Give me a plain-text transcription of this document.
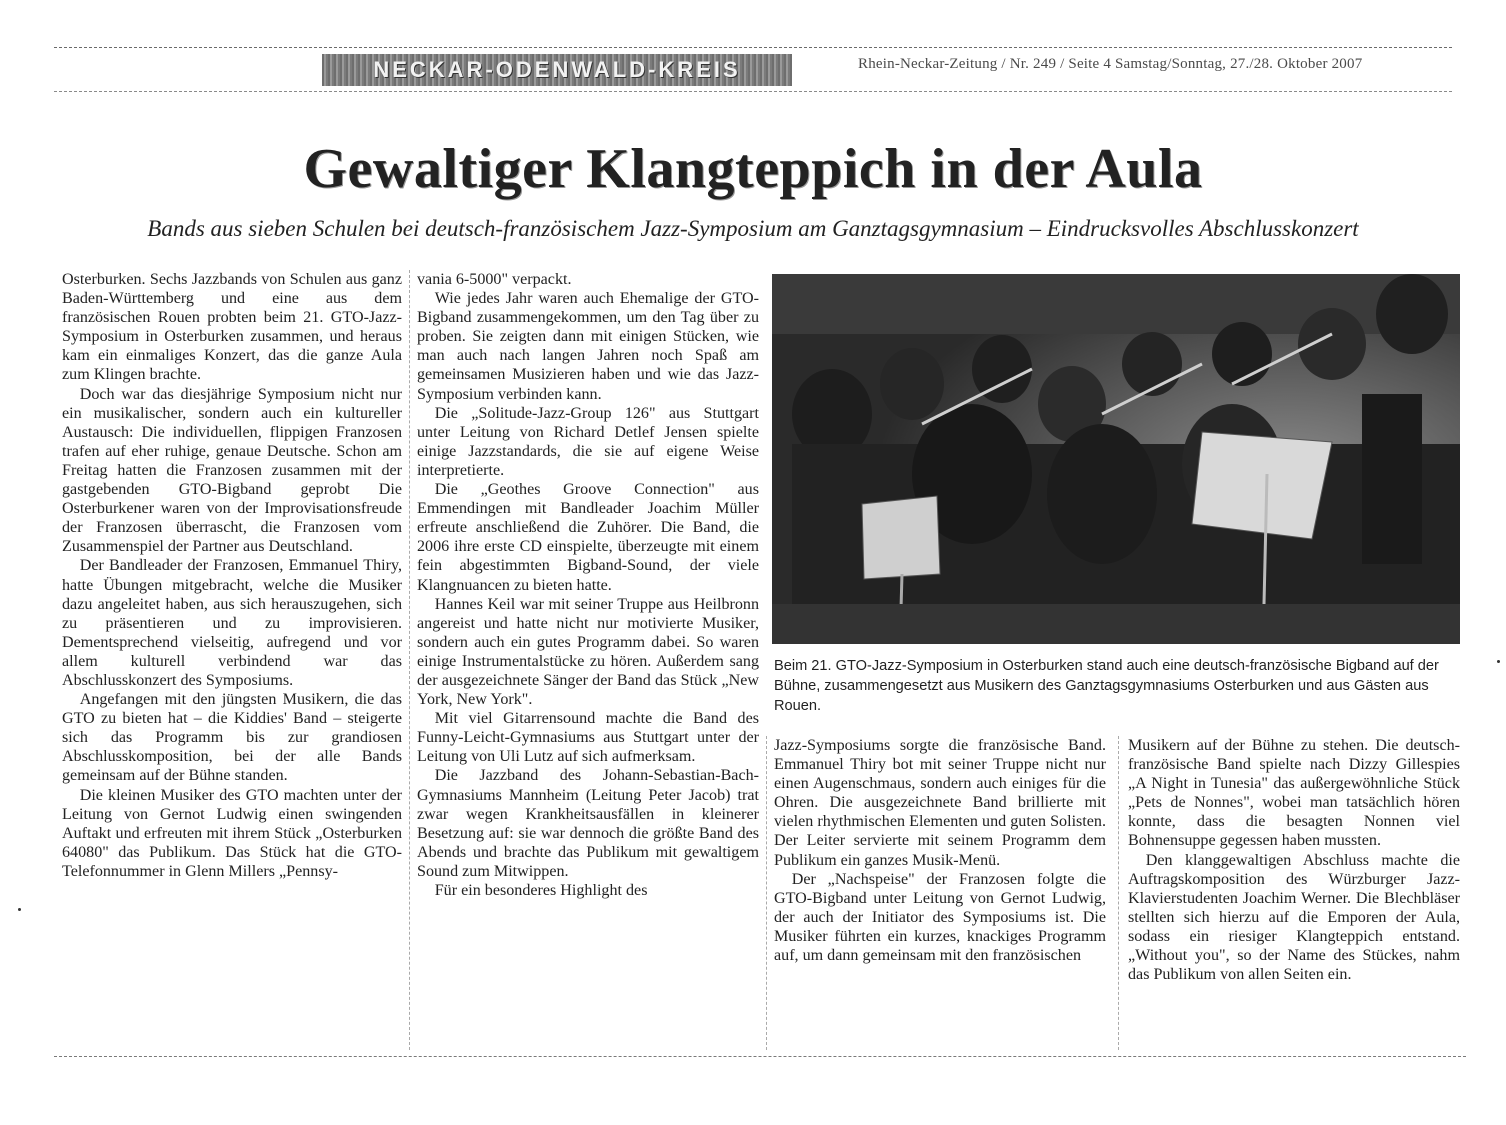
NECKAR-ODENWALD-KREIS	Rhein-Neckar-Zeitung / Nr. 249 / Seite 4 Samstag/Sonntag, 27./28. Oktober 2007
Gewaltiger Klangteppich in der Aula
Bands aus sieben Schulen bei deutsch-französischem Jazz-Symposium am Ganztagsgymnasium – Eindrucksvolles Abschlusskonzert

Osterburken. Sechs Jazzbands von Schulen aus ganz Baden-Württemberg und eine aus dem französischen Rouen probten beim 21. GTO-Jazz-Symposium in Osterburken zusammen, und heraus kam ein einmaliges Konzert, das die ganze Aula zum Klingen brachte.

Doch war das diesjährige Symposium nicht nur ein musikalischer, sondern auch ein kultureller Austausch: Die individuellen, flippigen Franzosen trafen auf eher ruhige, genaue Deutsche. Schon am Freitag hatten die Franzosen zusammen mit der gastgebenden GTO-Bigband geprobt Die Osterburkener waren von der Improvisationsfreude der Franzosen überrascht, die Franzosen vom Zusammenspiel der Partner aus Deutschland.

Der Bandleader der Franzosen, Emmanuel Thiry, hatte Übungen mitgebracht, welche die Musiker dazu angeleitet haben, aus sich herauszugehen, sich zu präsentieren und zu improvisieren. Dementsprechend vielseitig, aufregend und vor allem kulturell verbindend war das Abschlusskonzert des Symposiums.

Angefangen mit den jüngsten Musikern, die das GTO zu bieten hat – die Kiddies' Band – steigerte sich das Programm bis zur grandiosen Abschlusskomposition, bei der alle Bands gemeinsam auf der Bühne standen.

Die kleinen Musiker des GTO machten unter der Leitung von Gernot Ludwig einen swingenden Auftakt und erfreuten mit ihrem Stück „Osterburken 64080" das Publikum. Das Stück hat die GTO-Telefonnummer in Glenn Millers „Pennsy-

vania 6-5000" verpackt.

Wie jedes Jahr waren auch Ehemalige der GTO-Bigband zusammengekommen, um den Tag über zu proben. Sie zeigten dann mit einigen Stücken, wie man auch nach langen Jahren noch Spaß am gemeinsamen Musizieren haben und wie das Jazz-Symposium verbinden kann.

Die „Solitude-Jazz-Group 126" aus Stuttgart unter Leitung von Richard Detlef Jensen spielte einige Jazzstandards, die sie auf eigene Weise interpretierte.

Die „Geothes Groove Connection" aus Emmendingen mit Bandleader Joachim Müller erfreute anschließend die Zuhörer. Die Band, die 2006 ihre erste CD einspielte, überzeugte mit einem fein abgestimmten Bigband-Sound, der viele Klangnuancen zu bieten hatte.

Hannes Keil war mit seiner Truppe aus Heilbronn angereist und hatte nicht nur motivierte Musiker, sondern auch ein gutes Programm dabei. So waren einige Instrumentalstücke zu hören. Außerdem sang der ausgezeichnete Sänger der Band das Stück „New York, New York".

Mit viel Gitarrensound machte die Band des Funny-Leicht-Gymnasiums aus Stuttgart unter der Leitung von Uli Lutz auf sich aufmerksam.

Die Jazzband des Johann-Sebastian-Bach-Gymnasiums Mannheim (Leitung Peter Jacob) trat zwar wegen Krankheitsausfällen in kleinerer Besetzung auf: sie war dennoch die größte Band des Abends und brachte das Publikum mit gewaltigem Sound zum Mitwippen.

Für ein besonderes Highlight des

Beim 21. GTO-Jazz-Symposium in Osterburken stand auch eine deutsch-französische Bigband auf der Bühne, zusammengesetzt aus Musikern des Ganztagsgymnasiums Osterburken und aus Gästen aus Rouen.

Jazz-Symposiums sorgte die französische Band. Emmanuel Thiry bot mit seiner Truppe nicht nur einen Augenschmaus, sondern auch einiges für die Ohren. Die ausgezeichnete Band brillierte mit vielen rhythmischen Elementen und guten Solisten. Der Leiter servierte mit seinem Programm dem Publikum ein ganzes Musik-Menü.

Der „Nachspeise" der Franzosen folgte die GTO-Bigband unter Leitung von Gernot Ludwig, der auch der Initiator des Symposiums ist. Die Musiker führten ein kurzes, knackiges Programm auf, um dann gemeinsam mit den französischen

Musikern auf der Bühne zu stehen. Die deutsch-französische Band spielte nach Dizzy Gillespies „A Night in Tunesia" das außergewöhnliche Stück „Pets de Nonnes", wobei man tatsächlich hören konnte, dass die besagten Nonnen viel Bohnensuppe gegessen haben mussten.

Den klanggewaltigen Abschluss machte die Auftragskomposition des Würzburger Jazz-Klavierstudenten Joachim Werner. Die Blechbläser stellten sich hierzu auf die Emporen der Aula, sodass ein riesiger Klangteppich entstand. „Without you", so der Name des Stückes, nahm das Publikum von allen Seiten ein.
